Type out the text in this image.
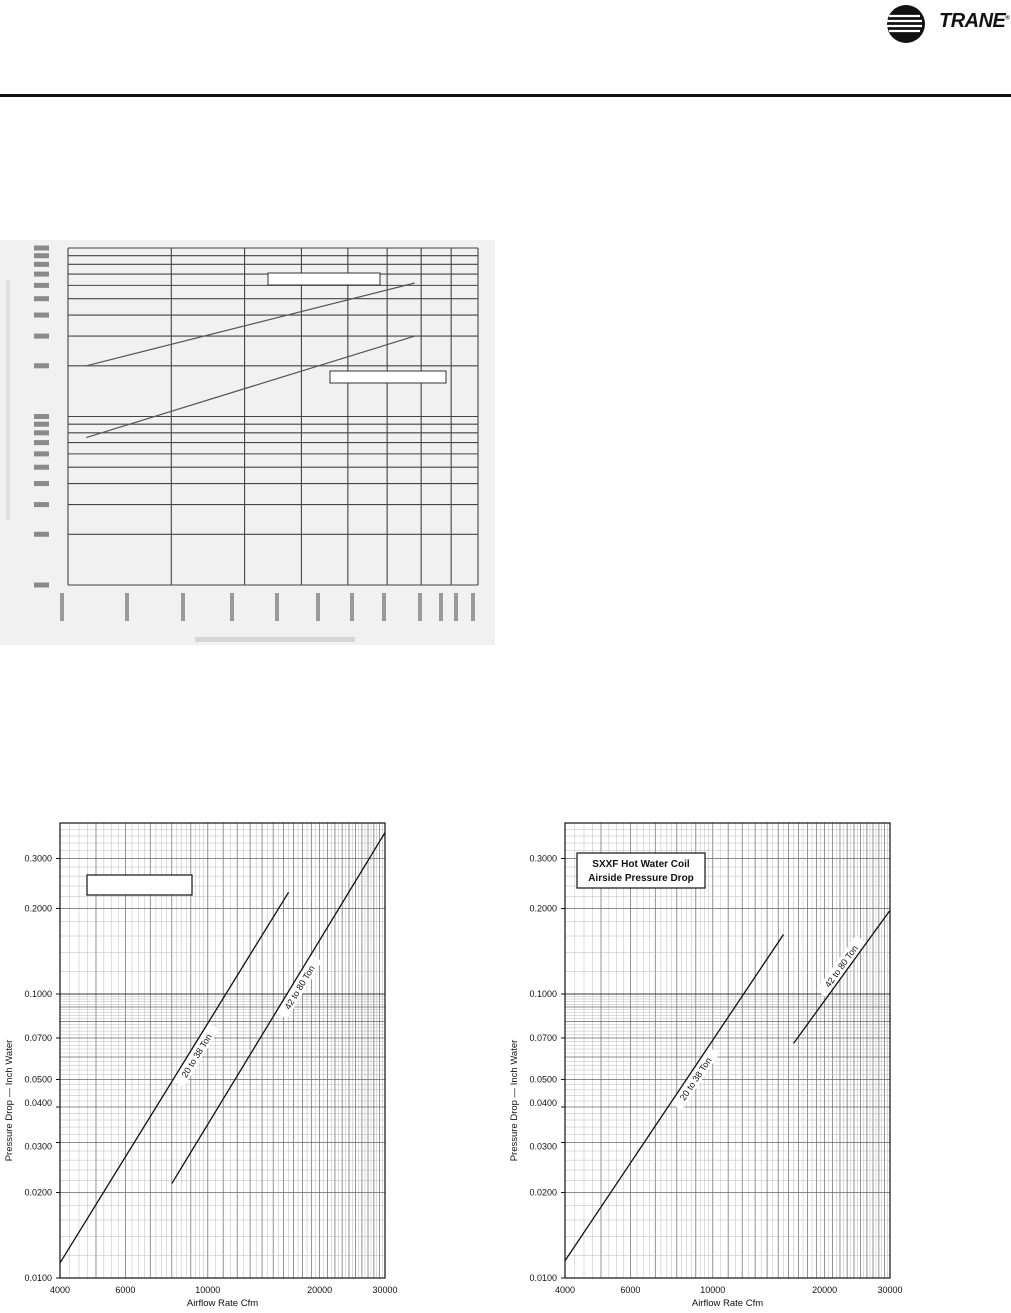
TRANE®
0.0100
0.0200
0.0300
0.0400
0.0500
0.0700
0.1000
0.2000
0.3000
4000	6000	10000	20000	30000
Airflow Rate Cfm
Pressure Drop — Inch Water	20 to 38 Ton
42 to 80 Ton
SXXF Hot Water Coil
Airside Pressure Drop
0.0100
0.0200
0.0300
0.0400
0.0500
0.0700
0.1000
0.2000
0.3000
4000	6000	10000	20000	30000
Airflow Rate Cfm
Pressure Drop — Inch Water	20 to 38 Ton
42 to 80 Ton
